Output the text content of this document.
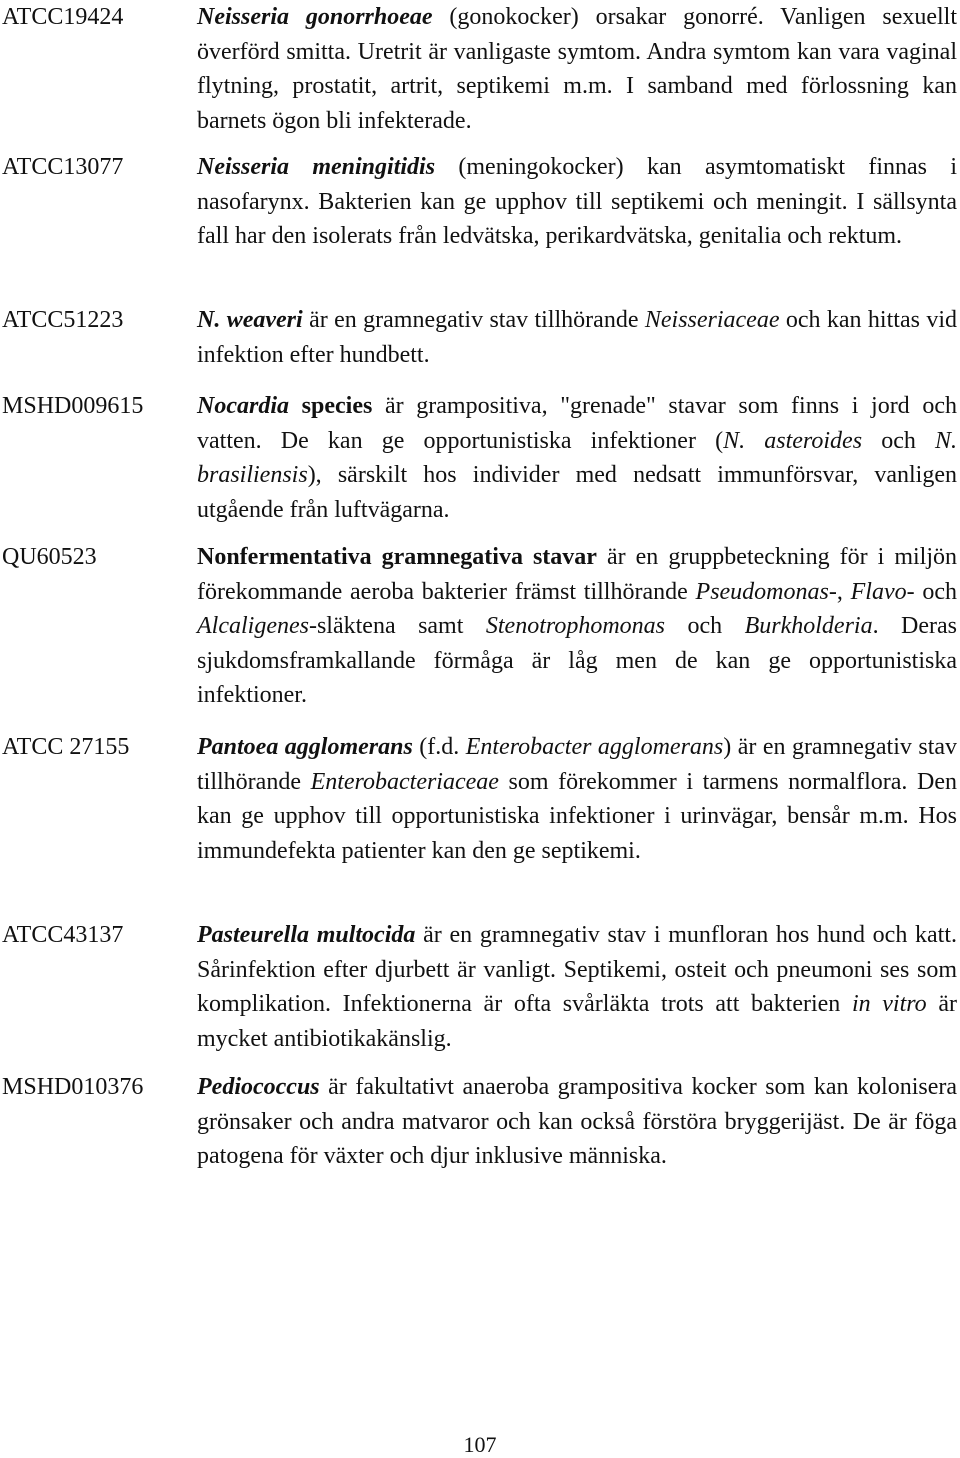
ATCC19424	Neisseria gonorrhoeae (gonokocker) orsakar gonorré. Vanligen sexuellt överförd smitta. Uretrit är vanligaste symtom. Andra symtom kan vara vaginal flytning, prostatit, artrit, septikemi m.m. I samband med förlossning kan barnets ögon bli infekterade.
ATCC13077	Neisseria meningitidis (meningokocker) kan asymtomatiskt finnas i nasofarynx. Bakterien kan ge upphov till septikemi och meningit. I sällsynta fall har den isolerats från ledvätska, perikardvätska, genitalia och rektum.
ATCC51223	N. weaveri är en gramnegativ stav tillhörande Neisseriaceae och kan hittas vid infektion efter hundbett.
MSHD009615 Nocardia species är grampositiva, "grenade" stavar som finns i jord och vatten. De kan ge opportunistiska infektioner (N. asteroides och N. brasiliensis), särskilt hos individer med nedsatt immunförsvar, vanligen utgående från luftvägarna.
QU60523	Nonfermentativa gramnegativa stavar är en gruppbeteckning för i miljön förekommande aeroba bakterier främst tillhörande Pseudomonas-, Flavo- och Alcaligenes-släktena samt Stenotrophomonas och Burkholderia. Deras sjukdomsframkallande förmåga är låg men de kan ge opportunistiska infektioner.
ATCC 27155	Pantoea agglomerans (f.d. Enterobacter agglomerans) är en gramnegativ stav tillhörande Enterobacteriaceae som förekommer i tarmens normalflora. Den kan ge upphov till opportunistiska infektioner i urinvägar, bensår m.m. Hos immundefekta patienter kan den ge septikemi.
ATCC43137	Pasteurella multocida är en gramnegativ stav i munfloran hos hund och katt. Sårinfektion efter djurbett är vanligt. Septikemi, osteit och pneumoni ses som komplikation. Infektionerna är ofta svårläkta trots att bakterien in vitro är mycket antibiotikakänslig.
MSHD010376 Pediococcus är fakultativt anaeroba grampositiva kocker som kan kolonisera grönsaker och andra matvaror och kan också förstöra bryggerijäst. De är föga patogena för växter och djur inklusive människa.
107
